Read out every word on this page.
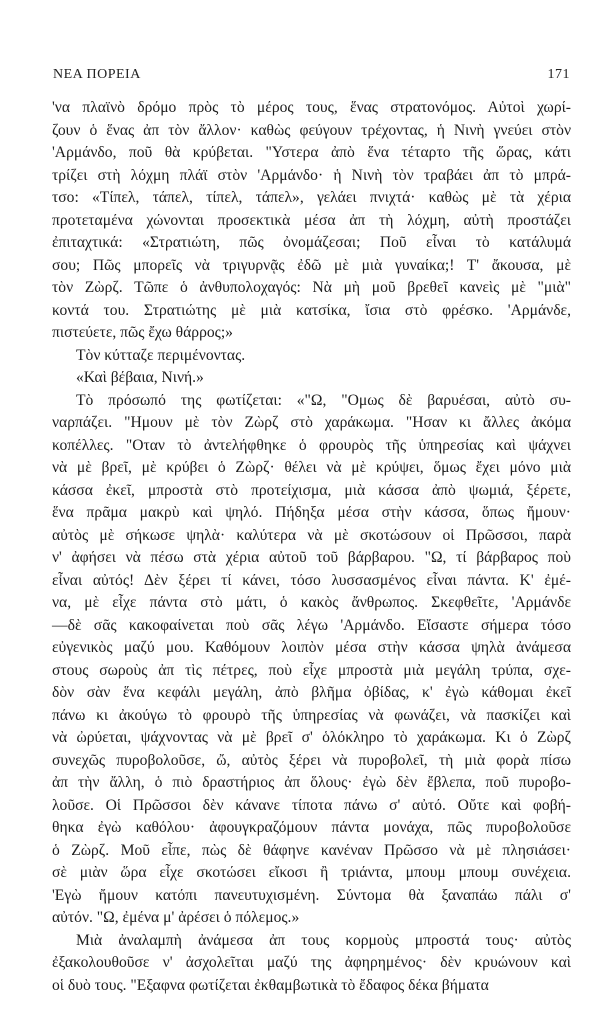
ΝΕΑ ΠΟΡΕΙΑ	171

'να πλαϊνὸ δρόμο πρὸς τὸ μέρος τους, ἕνας στρατονόμος. Αὐτοὶ χωρί-
ζουν ὁ ἕνας ἀπ τὸν ἄλλον· καθὼς φεύγουν τρέχοντας, ἡ Νινὴ γνεύει στὸν
'Αρμάνδο, ποῦ θὰ κρύβεται. "Υστερα ἀπὸ ἕνα τέταρτο τῆς ὥρας, κάτι
τρίζει στὴ λόχμη πλάϊ στὸν 'Αρμάνδο· ἡ Νινὴ τὸν τραβάει ἀπ τὸ μπρά-
τσο: «Τίπελ, τάπελ, τίπελ, τάπελ», γελάει πνιχτά· καθὼς μὲ τὰ χέρια
προτεταμένα χώνονται προσεκτικὰ μέσα ἀπ τὴ λόχμη, αὐτὴ προστάζει
ἐπιταχτικά: «Στρατιώτη, πῶς ὀνομάζεσαι; Ποῦ εἶναι τὸ κατάλυμά
σου; Πῶς μπορεῖς νὰ τριγυρνᾷς ἐδῶ μὲ μιὰ γυναίκα;! Τ' ἄκουσα, μὲ
τὸν Ζὼρζ. Τῶπε ὁ ἀνθυπολοχαγός: Νὰ μὴ μοῦ βρεθεῖ κανεὶς μὲ "μιὰ"
κοντά του. Στρατιώτης μὲ μιὰ κατσίκα, ἴσια στὸ φρέσκο. 'Αρμάνδε,
πιστεύετε, πῶς ἔχω θάρρος;»

Τὸν κύτταζε περιμένοντας.

«Καὶ βέβαια, Νινή.»

Τὸ πρόσωπό της φωτίζεται: «"Ω, "Ομως δὲ βαρυέσαι, αὐτὸ συ-
ναρπάζει. "Ημουν μὲ τὸν Ζὼρζ στὸ χαράκωμα. "Ησαν κι ἄλλες ἀκόμα
κοπέλλες. "Οταν τὸ ἀντελήφθηκε ὁ φρουρὸς τῆς ὑπηρεσίας καὶ ψάχνει
νὰ μὲ βρεῖ, μὲ κρύβει ὁ Ζὼρζ· θέλει νὰ μὲ κρύψει, ὅμως ἔχει μόνο μιὰ
κάσσα ἐκεῖ, μπροστὰ στὸ προτείχισμα, μιὰ κάσσα ἀπὸ ψωμιά, ξέρετε,
ἕνα πρᾶμα μακρὺ καὶ ψηλό. Πήδηξα μέσα στὴν κάσσα, ὅπως ἤμουν·
αὐτὸς μὲ σήκωσε ψηλὰ· καλύτερα νὰ μὲ σκοτώσουν οἱ Πρῶσσοι, παρὰ
ν' ἀφήσει νὰ πέσω στὰ χέρια αὐτοῦ τοῦ βάρβαρου. "Ω, τί βάρβαρος ποὺ
εἶναι αὐτός! Δὲν ξέρει τί κάνει, τόσο λυσσασμένος εἶναι πάντα. Κ' ἐμέ-
να, μὲ εἶχε πάντα στὸ μάτι, ὁ κακὸς ἄνθρωπος. Σκεφθεῖτε, 'Αρμάνδε
—δὲ σᾶς κακοφαίνεται ποὺ σᾶς λέγω 'Αρμάνδο. Εἴσαστε σήμερα τόσο
εὐγενικὸς μαζύ μου. Καθόμουν λοιπὸν μέσα στὴν κάσσα ψηλὰ ἀνάμεσα
στους σωροὺς ἀπ τὶς πέτρες, ποὺ εἶχε μπροστὰ μιὰ μεγάλη τρύπα, σχε-
δὸν σὰν ἕνα κεφάλι μεγάλη, ἀπὸ βλῆμα ὀβίδας, κ' ἐγὼ κάθομαι ἐκεῖ
πάνω κι ἀκούγω τὸ φρουρὸ τῆς ὑπηρεσίας νὰ φωνάζει, νὰ πασκίζει καὶ
νὰ ὠρύεται, ψάχνοντας νὰ μὲ βρεῖ σ' ὁλόκληρο τὸ χαράκωμα. Κι ὁ Ζὼρζ
συνεχῶς πυροβολοῦσε, ὤ, αὐτὸς ξέρει νὰ πυροβολεῖ, τὴ μιὰ φορὰ πίσω
ἀπ τὴν ἄλλη, ὁ πιὸ δραστήριος ἀπ ὅλους· ἐγὼ δὲν ἔβλεπα, ποῦ πυροβο-
λοῦσε. Οἱ Πρῶσσοι δὲν κάνανε τίποτα πάνω σ' αὐτό. Οὔτε καὶ φοβή-
θηκα ἐγὼ καθόλου· ἀφουγκραζόμουν πάντα μονάχα, πῶς πυροβολοῦσε
ὁ Ζὼρζ. Μοῦ εἶπε, πὼς δὲ θάφηνε κανέναν Πρῶσσο νὰ μὲ πλησιάσει·
σὲ μιὰν ὥρα εἶχε σκοτώσει εἴκοσι ἢ τριάντα, μπουμ μπουμ συνέχεια.
'Εγὼ ἤμουν κατόπι πανευτυχισμένη. Σύντομα θὰ ξαναπάω πάλι σ'
αὐτόν. "Ω, ἐμένα μ' ἀρέσει ὁ πόλεμος.»

Μιὰ ἀναλαμπὴ ἀνάμεσα ἀπ τους κορμοὺς μπροστά τους· αὐτὸς
ἐξακολουθοῦσε ν' ἀσχολεῖται μαζύ της ἀφηρημένος· δὲν κρυώνουν καὶ
οἱ δυὸ τους. "Εξαφνα φωτίζεται ἐκθαμβωτικὰ τὸ ἔδαφος δέκα βήματα
